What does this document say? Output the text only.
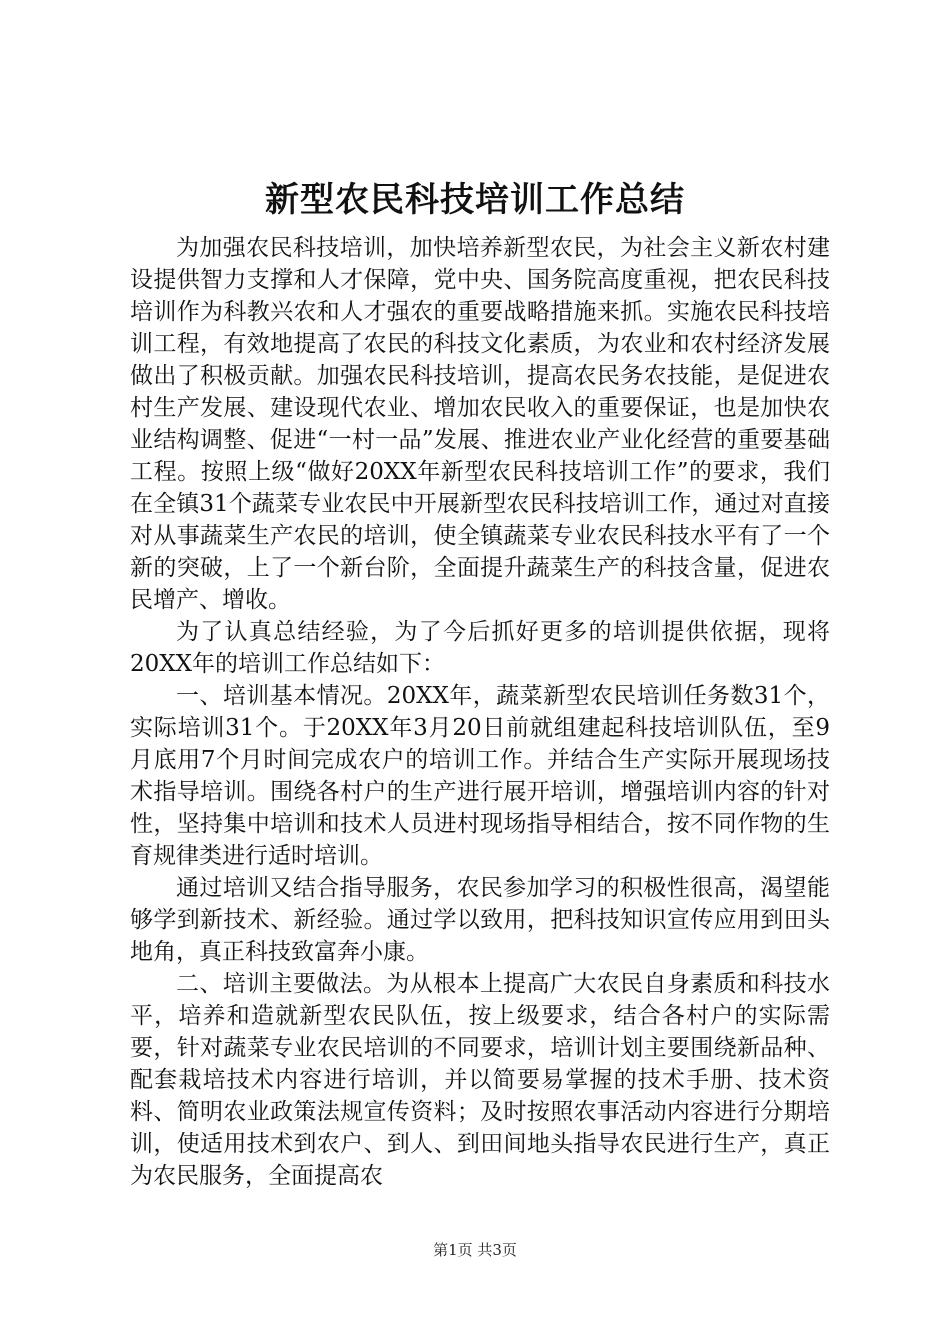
新型农民科技培训工作总结

为加强农民科技培训，加快培养新型农民，为社会主义新农村建设提供智力支撑和人才保障，党中央、国务院高度重视，把农民科技培训作为科教兴农和人才强农的重要战略措施来抓。实施农民科技培训工程，有效地提高了农民的科技文化素质，为农业和农村经济发展做出了积极贡献。加强农民科技培训，提高农民务农技能，是促进农村生产发展、建设现代农业、增加农民收入的重要保证，也是加快农业结构调整、促进“一村一品”发展、推进农业产业化经营的重要基础工程。按照上级“做好20XX年新型农民科技培训工作”的要求，我们在全镇31个蔬菜专业农民中开展新型农民科技培训工作，通过对直接对从事蔬菜生产农民的培训，使全镇蔬菜专业农民科技水平有了一个新的突破，上了一个新台阶，全面提升蔬菜生产的科技含量，促进农民增产、增收。

为了认真总结经验，为了今后抓好更多的培训提供依据，现将20XX年的培训工作总结如下：

一、培训基本情况。20XX年，蔬菜新型农民培训任务数31个，实际培训31个。于20XX年3月20日前就组建起科技培训队伍，至9月底用7个月时间完成农户的培训工作。并结合生产实际开展现场技术指导培训。围绕各村户的生产进行展开培训，增强培训内容的针对性，坚持集中培训和技术人员进村现场指导相结合，按不同作物的生育规律类进行适时培训。

通过培训又结合指导服务，农民参加学习的积极性很高，渴望能够学到新技术、新经验。通过学以致用，把科技知识宣传应用到田头地角，真正科技致富奔小康。

二、培训主要做法。为从根本上提高广大农民自身素质和科技水平，培养和造就新型农民队伍，按上级要求，结合各村户的实际需要，针对蔬菜专业农民培训的不同要求，培训计划主要围绕新品种、配套栽培技术内容进行培训，并以简要易掌握的技术手册、技术资料、简明农业政策法规宣传资料；及时按照农事活动内容进行分期培训，使适用技术到农户、到人、到田间地头指导农民进行生产，真正为农民服务，全面提高农

第1页 共3页
